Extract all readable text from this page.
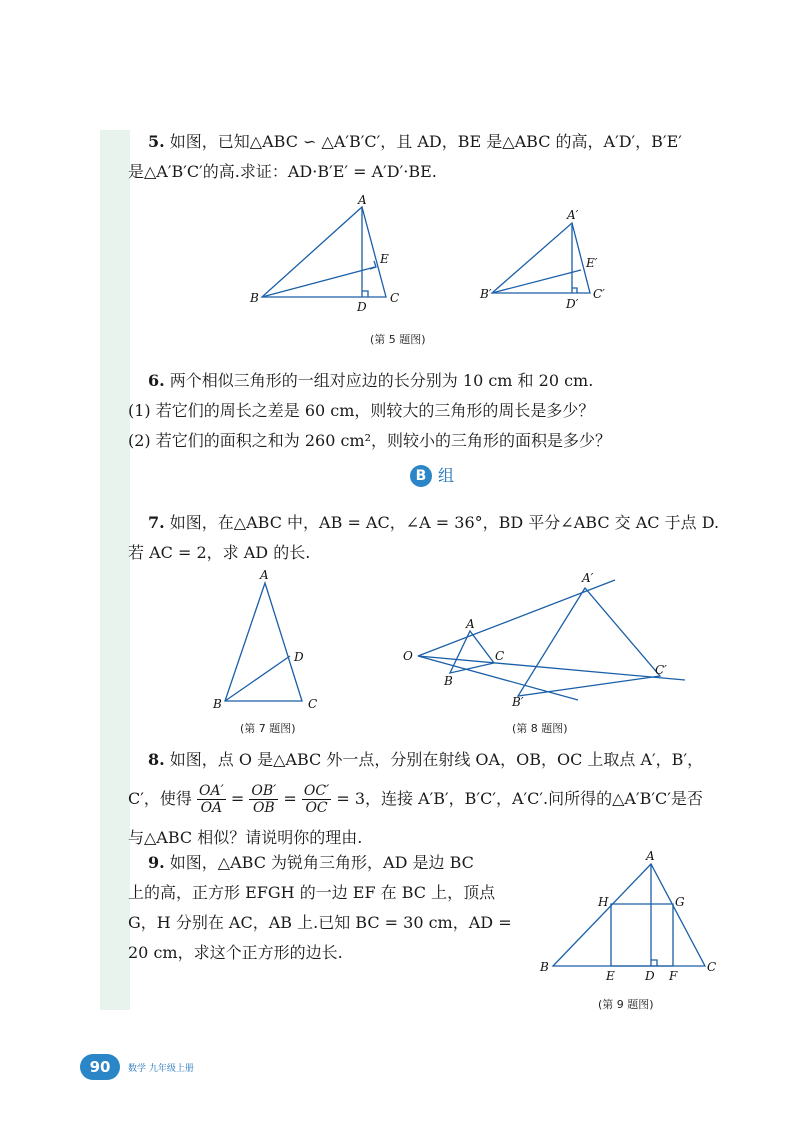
5. 如图，已知△ABC ∽ △A′B′C′，且 AD，BE 是△ABC 的高，A′D′，B′E′
是△A′B′C′的高.求证：AD·B′E′ = A′D′·BE.
A
B	C
D
E
A′
B′	C′
D′
E′
(第 5 题图)
6. 两个相似三角形的一组对应边的长分别为 10 cm 和 20 cm.
(1) 若它们的周长之差是 60 cm，则较大的三角形的周长是多少？
(2) 若它们的面积之和为 260 cm²，则较小的三角形的面积是多少？
B 组
7. 如图，在△ABC 中，AB = AC，∠A = 36°，BD 平分∠ABC 交 AC 于点 D.
若 AC = 2，求 AD 的长.
A
B	C
D
(第 7 题图)
O
A
B
C
A′
B′
C′
(第 8 题图)
8. 如图，点 O 是△ABC 外一点，分别在射线 OA，OB，OC 上取点 A′，B′，
C′，使得 $\frac{OA'}{OA} = \frac{OB'}{OB} = \frac{OC'}{OC} = 3$，连接 A′B′，B′C′，A′C′.问所得的△A′B′C′是否
与△ABC 相似？请说明你的理由.
9. 如图，△ABC 为锐角三角形，AD 是边 BC
上的高，正方形 EFGH 的一边 EF 在 BC 上，顶点
G，H 分别在 AC，AB 上.已知 BC = 30 cm，AD =
20 cm，求这个正方形的边长.
A
B	C
D
E	F
G
H
(第 9 题图)
90	数学 九年级上册
